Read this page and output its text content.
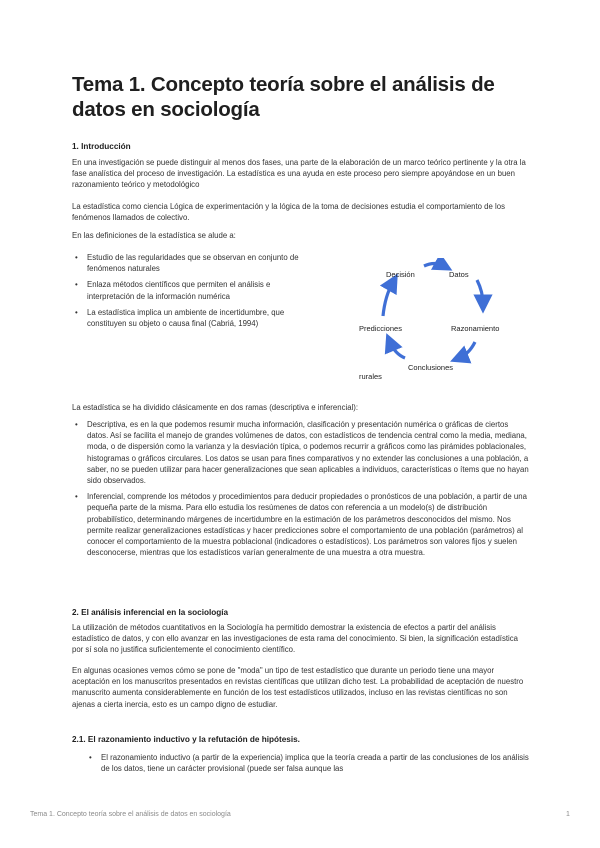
Tema 1. Concepto teoría sobre el análisis de datos en sociología
1. Introducción

En una investigación se puede distinguir al menos dos fases, una parte de la elaboración de un marco teórico pertinente y la otra la fase analística del proceso de investigación. La estadística es una ayuda en este proceso pero siempre apoyándose en un buen razonamiento teórico y metodológico

La estadística como ciencia Lógica de experimentación y la lógica de la toma de decisiones estudia el comportamiento de los fenómenos llamados de colectivo.

En las definiciones de la estadística se alude a:

• Estudio de las regularidades que se observan en conjunto de fenómenos naturales
• Enlaza métodos científicos que permiten el análisis e interpretación de la información numérica
• La estadística implica un ambiente de incertidumbre, que constituyen su objeto o causa final (Cabriá, 1994)
Decisión	Datos
Razonamiento
Conclusiones
Predicciones
rurales

La estadística se ha dividido clásicamente en dos ramas (descriptiva e inferencial):

• Descriptiva, es en la que podemos resumir mucha información, clasificación y presentación numérica o gráficas de ciertos datos. Así se facilita el manejo de grandes volúmenes de datos, con estadísticos de tendencia central como la media, mediana, moda, o de dispersión como la varianza y la desviación típica, o podemos recurrir a gráficos como las pirámides poblacionales, histogramas o gráficos circulares. Los datos se usan para fines comparativos y no extender las conclusiones a una población, a saber, no se pueden utilizar para hacer generalizaciones que sean aplicables a individuos, características o ítems que no hayan sido observados.
• Inferencial, comprende los métodos y procedimientos para deducir propiedades o pronósticos de una población, a partir de una pequeña parte de la misma. Para ello estudia los resúmenes de datos con referencia a un modelo(s) de distribución probabilístico, determinando márgenes de incertidumbre en la estimación de los parámetros desconocidos del mismo. Nos permite realizar generalizaciones estadísticas y hacer predicciones sobre el comportamiento de una población (parámetros) al conocer el comportamiento de la muestra poblacional (indicadores o estadísticos). Los parámetros son valores fijos y suelen desconocerse, mientras que los estadísticos varían generalmente de una muestra a otra muestra.
2. El análisis inferencial en la sociología

La utilización de métodos cuantitativos en la Sociología ha permitido demostrar la existencia de efectos a partir del análisis estadístico de datos, y con ello avanzar en las investigaciones de esta rama del conocimiento. Si bien, la significación estadística por sí sola no justifica suficientemente el conocimiento científico.

En algunas ocasiones vemos cómo se pone de "moda" un tipo de test estadístico que durante un periodo tiene una mayor aceptación en los manuscritos presentados en revistas científicas que utilizan dicho test. La probabilidad de aceptación de nuestro manuscrito aumenta considerablemente en función de los test estadísticos utilizados, incluso en las revistas científicas no son ajenas a cierta inercia, esto es un campo digno de estudiar.

2.1. El razonamiento inductivo y la refutación de hipótesis.
• El razonamiento inductivo (a partir de la experiencia) implica que la teoría creada a partir de las conclusiones de los análisis de los datos, tiene un carácter provisional (puede ser falsa aunque las
Tema 1. Concepto teoría sobre el análisis de datos en sociología	1
